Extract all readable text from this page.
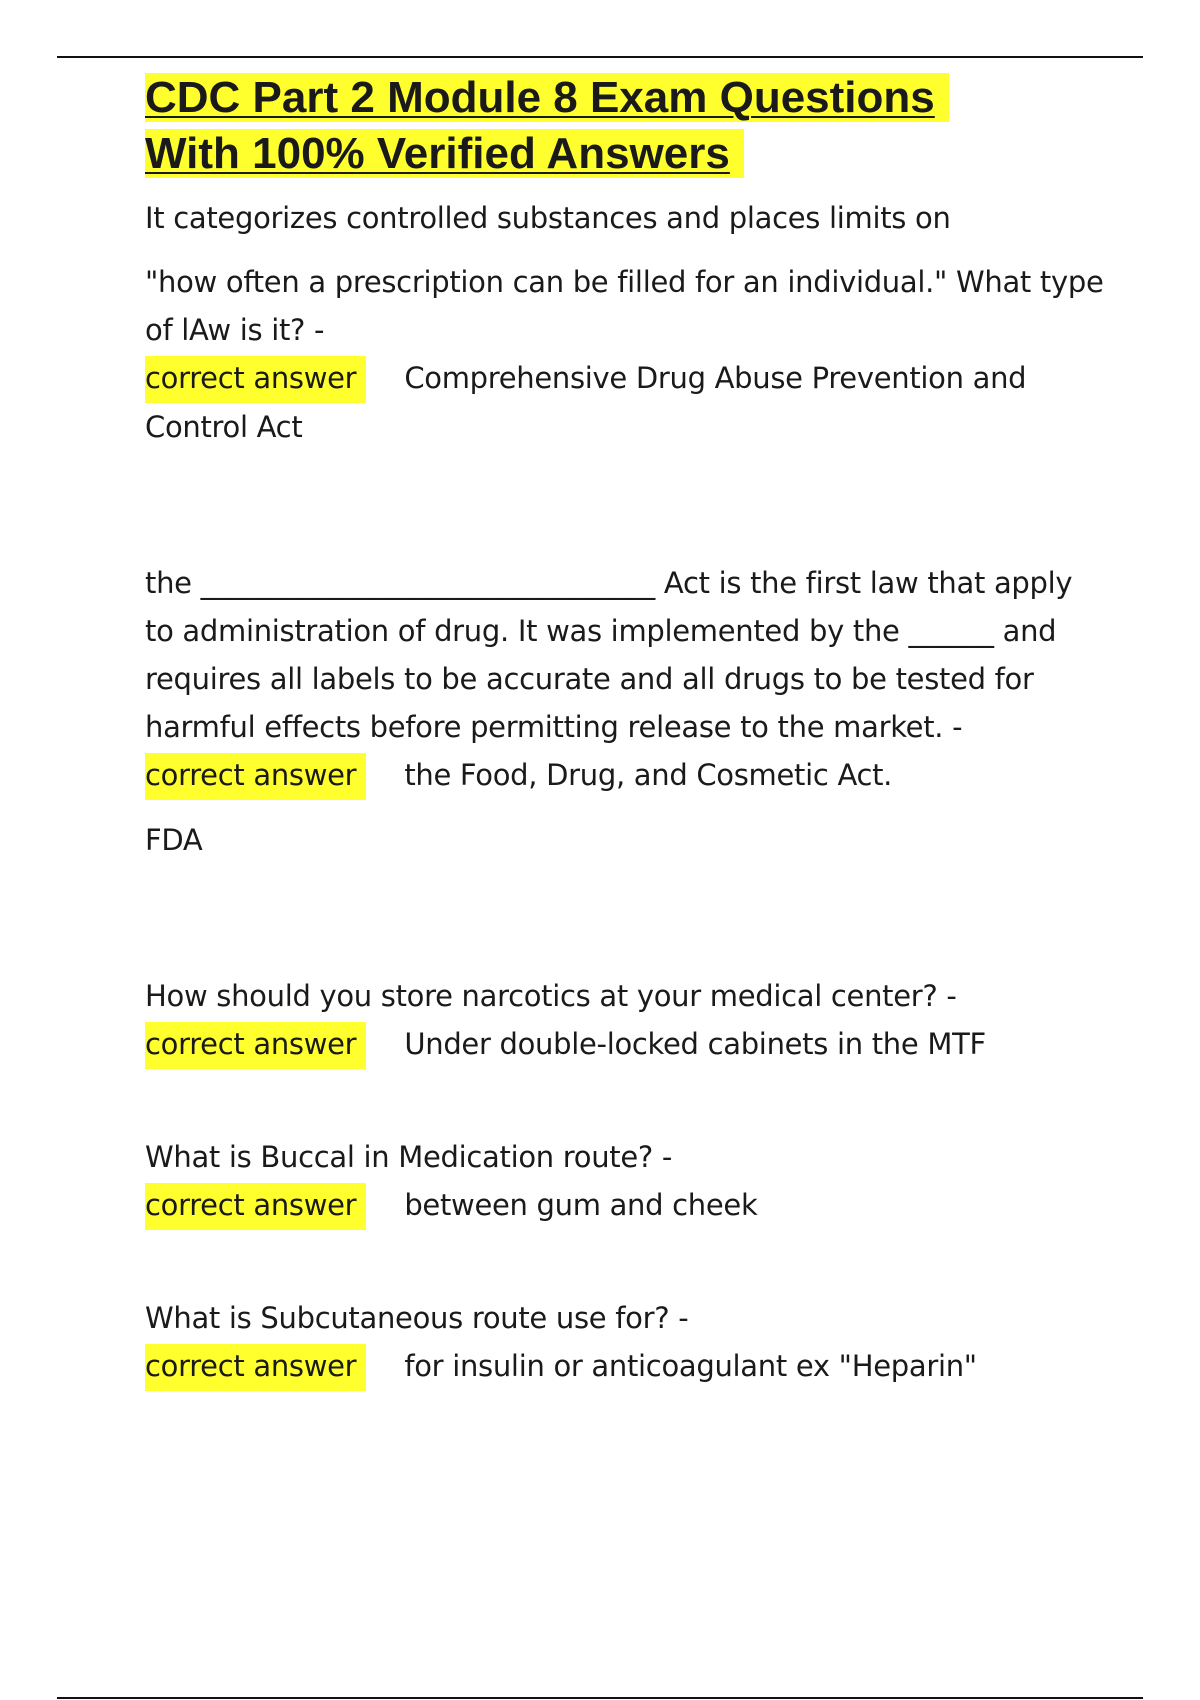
CDC Part 2 Module 8 Exam Questions
With 100% Verified Answers

It categorizes controlled substances and places limits on

"how often a prescription can be filled for an individual." What type of lAw is it? -

correct answer Comprehensive Drug Abuse Prevention and

Control Act

the ________________________________ Act is the first law that apply to administration of drug. It was implemented by the ______ and requires all labels to be accurate and all drugs to be tested for harmful effects before permitting release to the market. -

correct answer the Food, Drug, and Cosmetic Act.

FDA

How should you store narcotics at your medical center? -

correct answer Under double-locked cabinets in the MTF

What is Buccal in Medication route? -

correct answer between gum and cheek

What is Subcutaneous route use for? -

correct answer for insulin or anticoagulant ex "Heparin"
